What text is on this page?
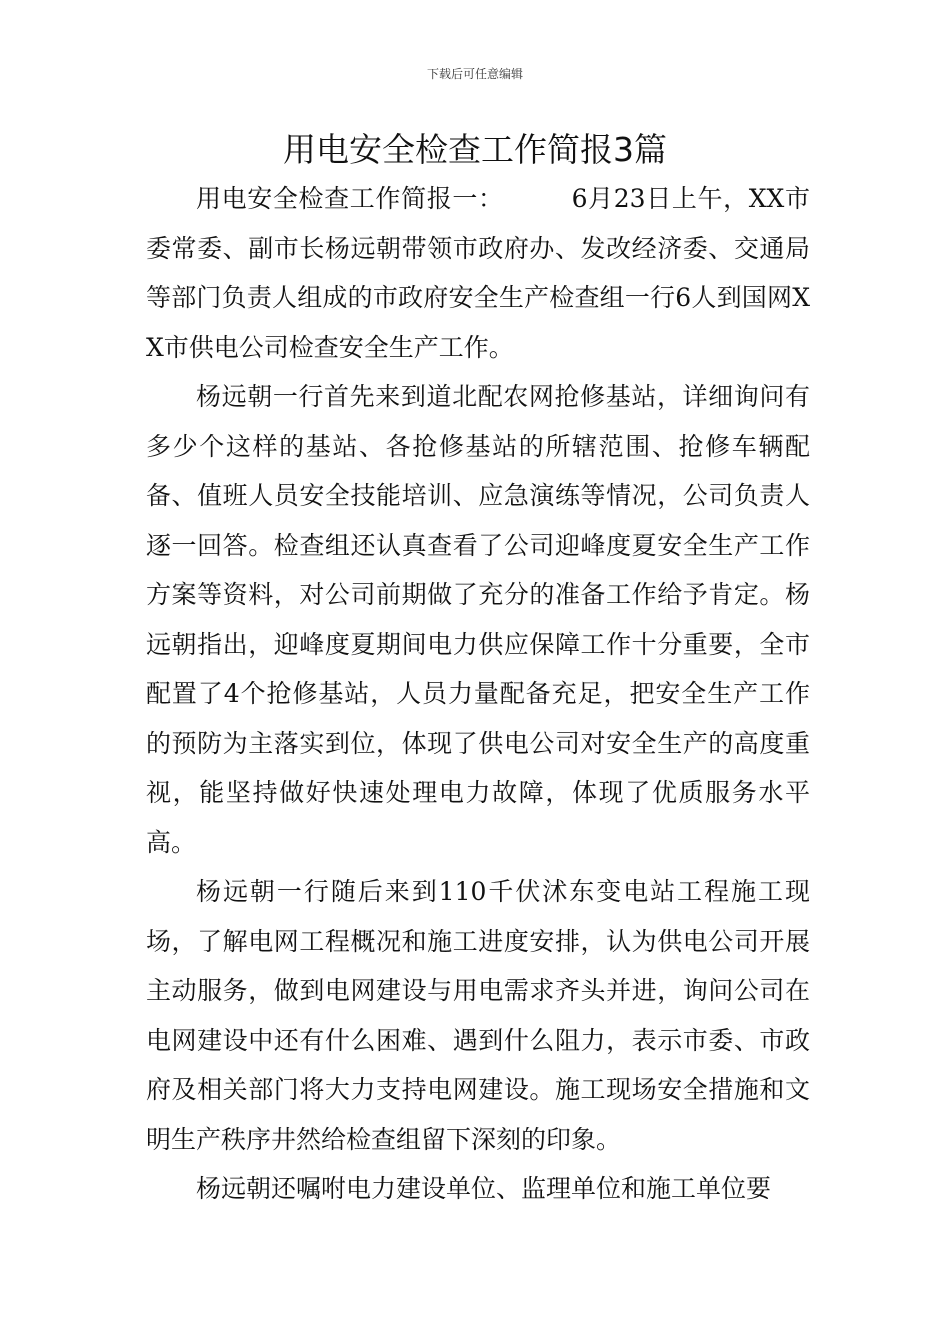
下载后可任意编辑
用电安全检查工作简报3篇

用电安全检查工作简报一：	6月23日上午，XX市委常委、副市长杨远朝带领市政府办、发改经济委、交通局等部门负责人组成的市政府安全生产检查组一行6人到国网XX市供电公司检查安全生产工作。

杨远朝一行首先来到道北配农网抢修基站，详细询问有多少个这样的基站、各抢修基站的所辖范围、抢修车辆配备、值班人员安全技能培训、应急演练等情况，公司负责人逐一回答。检查组还认真查看了公司迎峰度夏安全生产工作方案等资料，对公司前期做了充分的准备工作给予肯定。杨远朝指出，迎峰度夏期间电力供应保障工作十分重要，全市配置了4个抢修基站，人员力量配备充足，把安全生产工作的预防为主落实到位，体现了供电公司对安全生产的高度重视，能坚持做好快速处理电力故障，体现了优质服务水平高。

杨远朝一行随后来到110千伏沭东变电站工程施工现场，了解电网工程概况和施工进度安排，认为供电公司开展主动服务，做到电网建设与用电需求齐头并进，询问公司在电网建设中还有什么困难、遇到什么阻力，表示市委、市政府及相关部门将大力支持电网建设。施工现场安全措施和文明生产秩序井然给检查组留下深刻的印象。

杨远朝还嘱咐电力建设单位、监理单位和施工单位要
